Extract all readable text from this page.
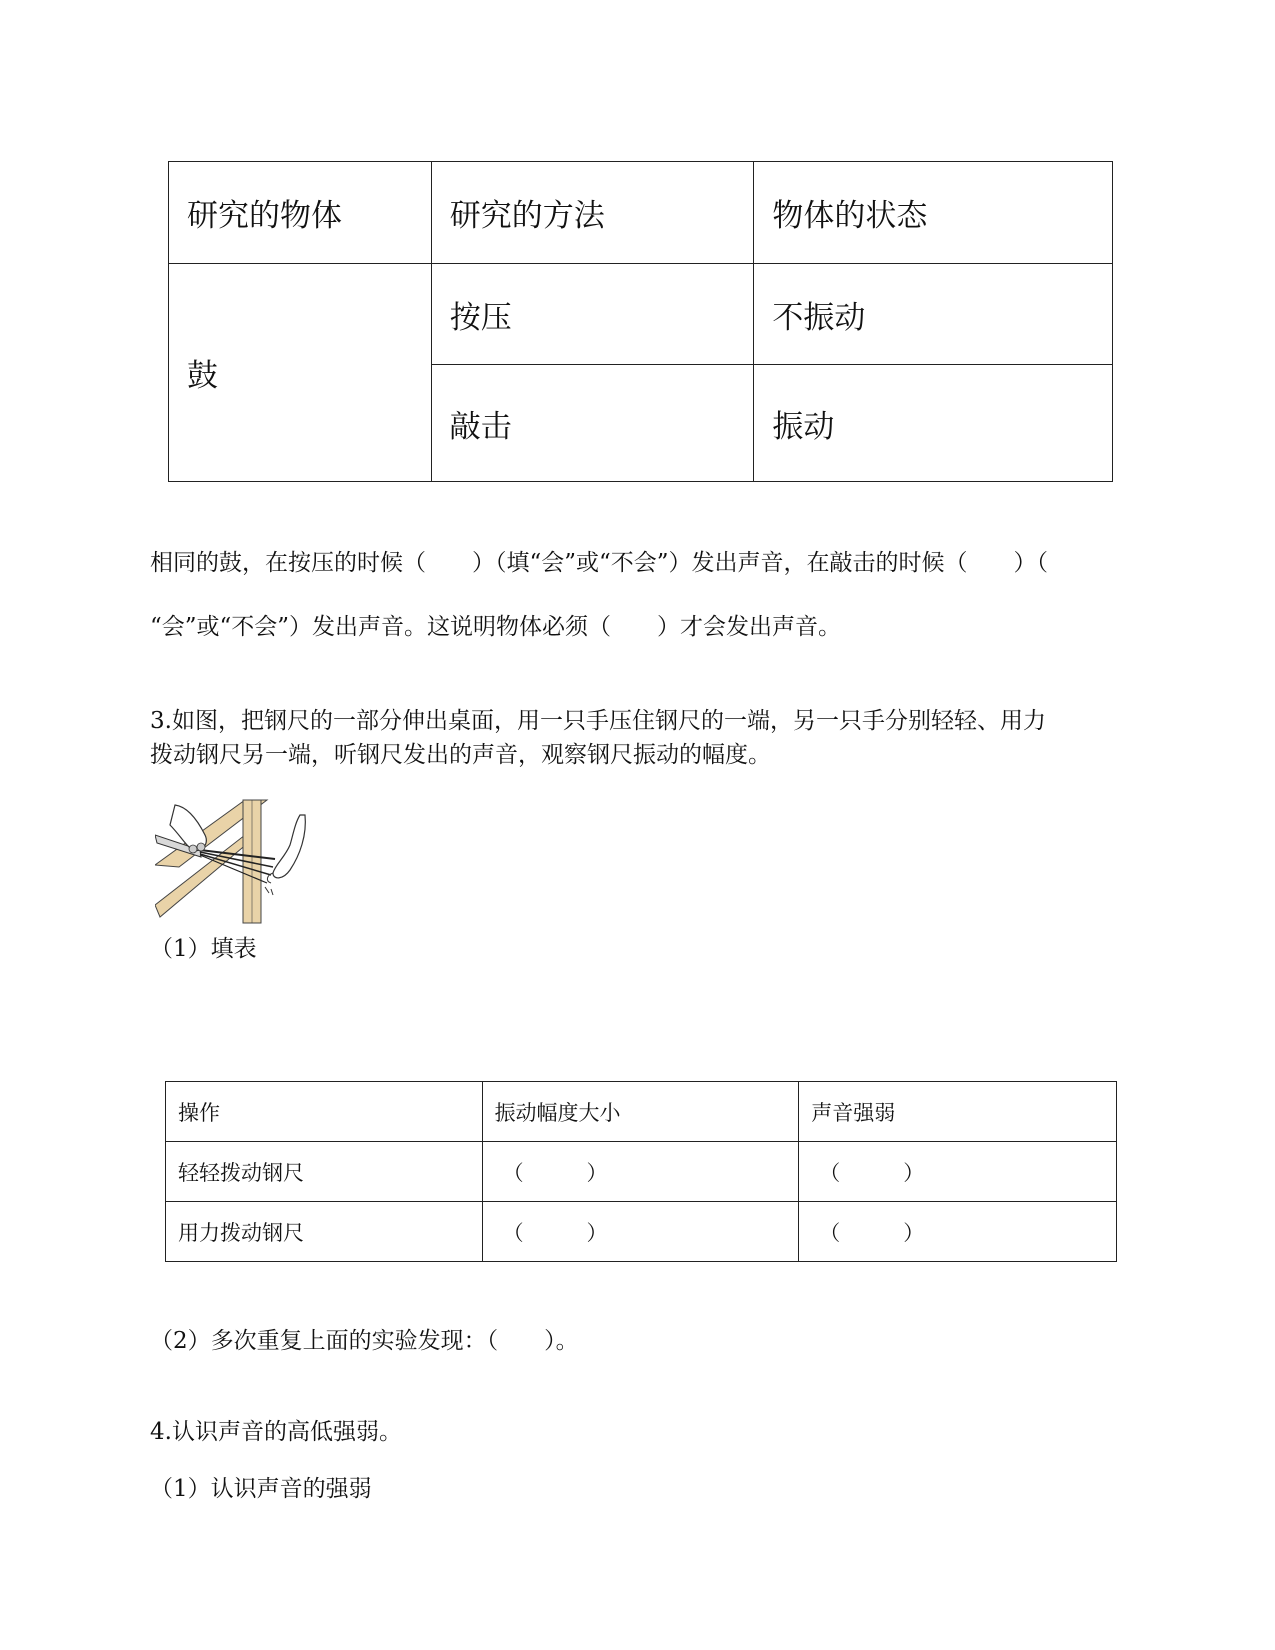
研究的物体	研究的方法	物体的状态
鼓	按压	不振动
	敲击	振动
相同的鼓，在按压的时候（　　）（填“会”或“不会”）发出声音，在敲击的时候（　　）（
“会”或“不会”）发出声音。这说明物体必须（　　）才会发出声音。
3.如图，把钢尺的一部分伸出桌面，用一只手压住钢尺的一端，另一只手分别轻轻、用力
拨动钢尺另一端，听钢尺发出的声音，观察钢尺振动的幅度。
（1）填表
操作	振动幅度大小	声音强弱
轻轻拨动钢尺	（　　　）	（　　　）
用力拨动钢尺	（　　　）	（　　　）
（2）多次重复上面的实验发现：（　　）。
4.认识声音的高低强弱。
（1）认识声音的强弱
